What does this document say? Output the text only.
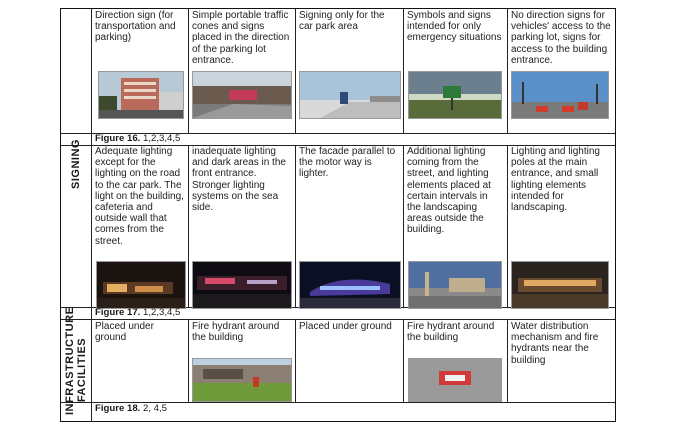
SIGNING
INFRASTRUCTURE FACILITIES
Direction sign (for transportation and parking)
Simple portable traffic cones and signs placed in the direction of the parking lot entrance.
Signing only for the car park area
Symbols and signs intended for only emergency situations
No direction signs for vehicles' access to the parking lot, signs for access to the building entrance.
Figure 16. 1,2,3,4,5
Adequate lighting except for the lighting on the road to the car park. The light on the building, cafeteria and outside wall that comes from the street.
inadequate lighting and dark areas in the front entrance. Stronger lighting systems on the sea side.
The facade parallel to the motor way is lighter.
Additional lighting coming from the street, and lighting elements placed at certain intervals in the landscaping areas outside the building.
Lighting and lighting poles at the main entrance, and small lighting elements intended for landscaping.
Figure 17. 1,2,3,4,5
Placed under ground
Fire hydrant around the building
Placed under ground	Fire hydrant around the building
Water distribution mechanism and fire hydrants near the building
Figure 18. 2, 4,5
